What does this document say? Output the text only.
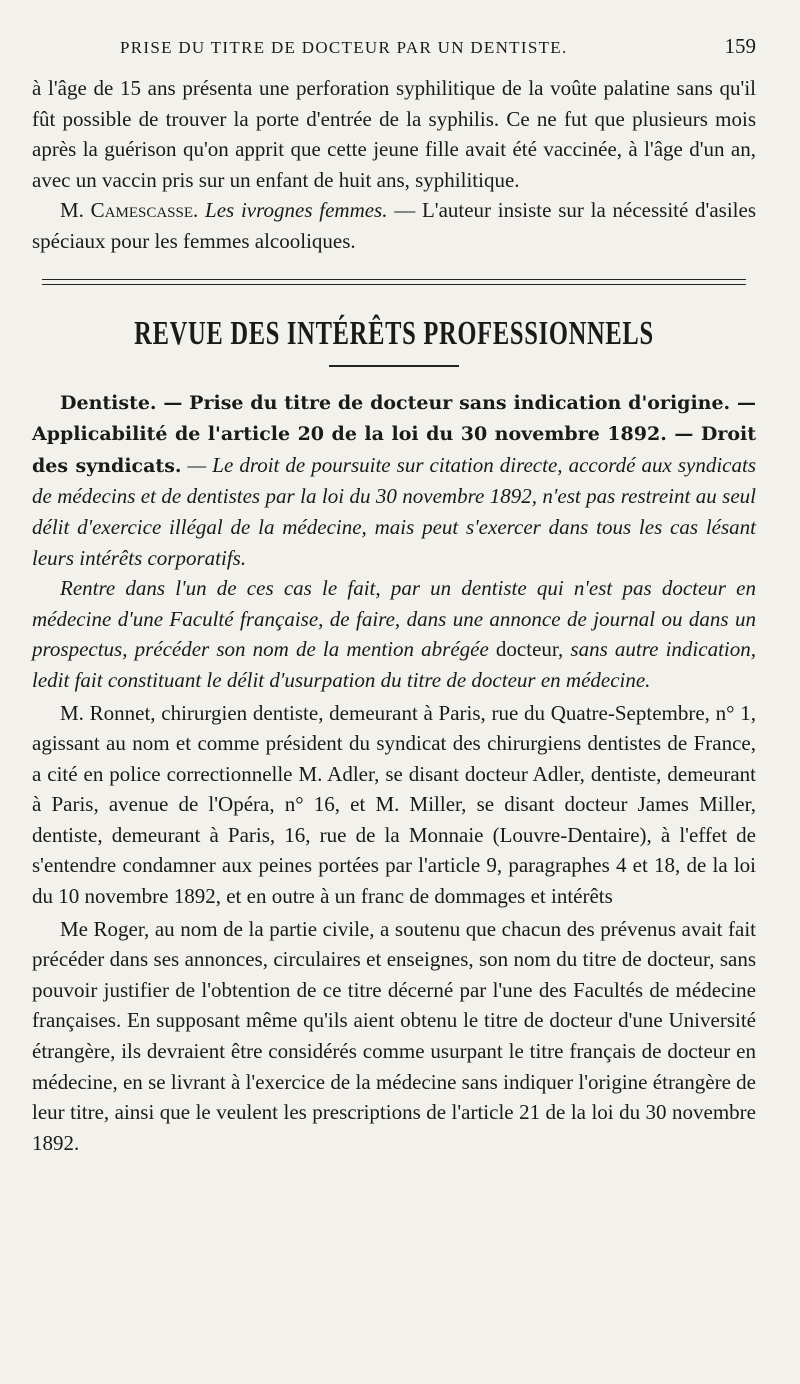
PRISE DU TITRE DE DOCTEUR PAR UN DENTISTE.	159

à l'âge de 15 ans présenta une perforation syphilitique de la voûte palatine sans qu'il fût possible de trouver la porte d'entrée de la syphilis. Ce ne fut que plusieurs mois après la guérison qu'on apprit que cette jeune fille avait été vaccinée, à l'âge d'un an, avec un vaccin pris sur un enfant de huit ans, syphilitique.

M. Camescasse. Les ivrognes femmes. — L'auteur insiste sur la nécessité d'asiles spéciaux pour les femmes alcooliques.

REVUE DES INTÉRÊTS PROFESSIONNELS

Dentiste. — Prise du titre de docteur sans indication d'origine. — Applicabilité de l'article 20 de la loi du 30 novembre 1892. — Droit des syndicats. — Le droit de poursuite sur citation directe, accordé aux syndicats de médecins et de dentistes par la loi du 30 novembre 1892, n'est pas restreint au seul délit d'exercice illégal de la médecine, mais peut s'exercer dans tous les cas lésant leurs intérêts corporatifs.

Rentre dans l'un de ces cas le fait, par un dentiste qui n'est pas docteur en médecine d'une Faculté française, de faire, dans une annonce de journal ou dans un prospectus, précéder son nom de la mention abrégée docteur, sans autre indication, ledit fait constituant le délit d'usurpation du titre de docteur en médecine.

M. Ronnet, chirurgien dentiste, demeurant à Paris, rue du Quatre-Septembre, n° 1, agissant au nom et comme président du syndicat des chirurgiens dentistes de France, a cité en police correctionnelle M. Adler, se disant docteur Adler, dentiste, demeurant à Paris, avenue de l'Opéra, n° 16, et M. Miller, se disant docteur James Miller, dentiste, demeurant à Paris, 16, rue de la Monnaie (Louvre-Dentaire), à l'effet de s'entendre condamner aux peines portées par l'article 9, paragraphes 4 et 18, de la loi du 10 novembre 1892, et en outre à un franc de dommages et intérêts

Me Roger, au nom de la partie civile, a soutenu que chacun des prévenus avait fait précéder dans ses annonces, circulaires et enseignes, son nom du titre de docteur, sans pouvoir justifier de l'obtention de ce titre décerné par l'une des Facultés de médecine françaises. En supposant même qu'ils aient obtenu le titre de docteur d'une Université étrangère, ils devraient être considérés comme usurpant le titre français de docteur en médecine, en se livrant à l'exercice de la médecine sans indiquer l'origine étrangère de leur titre, ainsi que le veulent les prescriptions de l'article 21 de la loi du 30 novembre 1892.
